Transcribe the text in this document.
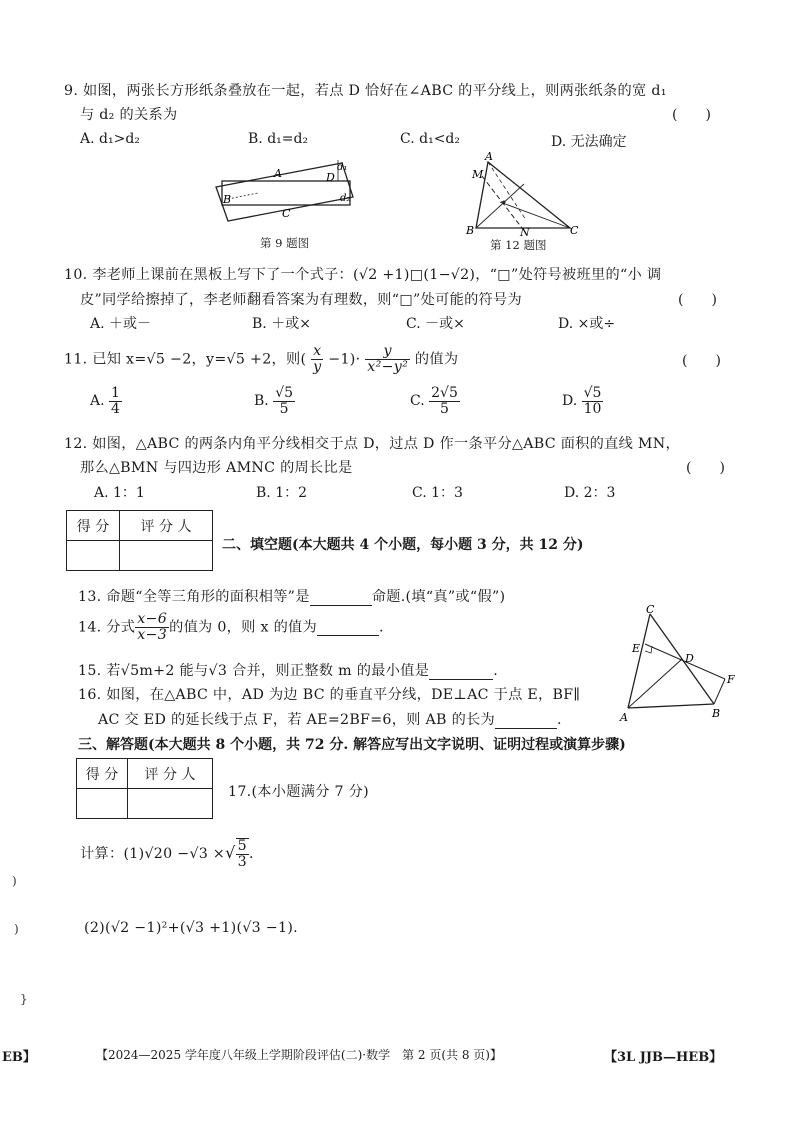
9. 如图，两张长方形纸条叠放在一起，若点 D 恰好在∠ABC 的平分线上，则两张纸条的宽 d₁
与 d₂ 的关系为	(　　)
A. d₁>d₂	B. d₁=d₂	C. d₁<d₂	D. 无法确定
A
B
C
D
d₁
d₂
第 9 题图
A
M
B	N	C
第 12 题图
10. 李老师上课前在黑板上写下了一个式子：(√2 +1)□(1−√2)，“□”处符号被班里的“小 调
皮”同学给擦掉了，李老师翻看答案为有理数，则“□”处可能的符号为	(　　)
A. ＋或－	B. ＋或×	C. －或×	D. ×或÷
11. 已知 x=√5 −2，y=√5 +2，则( $\frac{x}{y} -1)\cdot \frac{y}{\text{x²−y²}}$ 的值为	(　　)
A. $\frac{1}{4}$	B. $\frac{√5}{5}$	C. $\frac{2√5}{5}$	D. $\frac{√5}{10}$
12. 如图，△ABC 的两条内角平分线相交于点 D，过点 D 作一条平分△ABC 面积的直线 MN，
那么△BMN 与四边形 AMNC 的周长比是	(　　)
A. 1：1	B. 1：2	C. 1：3	D. 2：3
得 分	评 分 人

二、填空题(本大题共 4 个小题，每小题 3 分，共 12 分)
13. 命题“全等三角形的面积相等”是	命题.(填“真”或“假”)
14. 分式 $\frac{x-6}{x-3}$ 的值为 0，则 x 的值为	.
15. 若√5m+2 能与√3 合并，则正整数 m 的最小值是	.
16. 如图，在△ABC 中，AD 为边 BC 的垂直平分线，DE⊥AC 于点 E，BF∥
AC 交 ED 的延长线于点 F，若 AE=2BF=6，则 AB 的长为	.
C
E
D
F
A	B
三、解答题(本大题共 8 个小题，共 72 分. 解答应写出文字说明、证明过程或演算步骤)
得 分	评 分 人

17.(本小题满分 7 分)
计算：(1)√20 −√3 ×√ $\frac{5}{3}$ .
(2)(√2 −1)²+(√3 +1)(√3 −1).
)
)
}
EB】	【2024—2025 学年度八年级上学期阶段评估(二)·数学　第 2 页(共 8 页)】	【3L JJB—HEB】
